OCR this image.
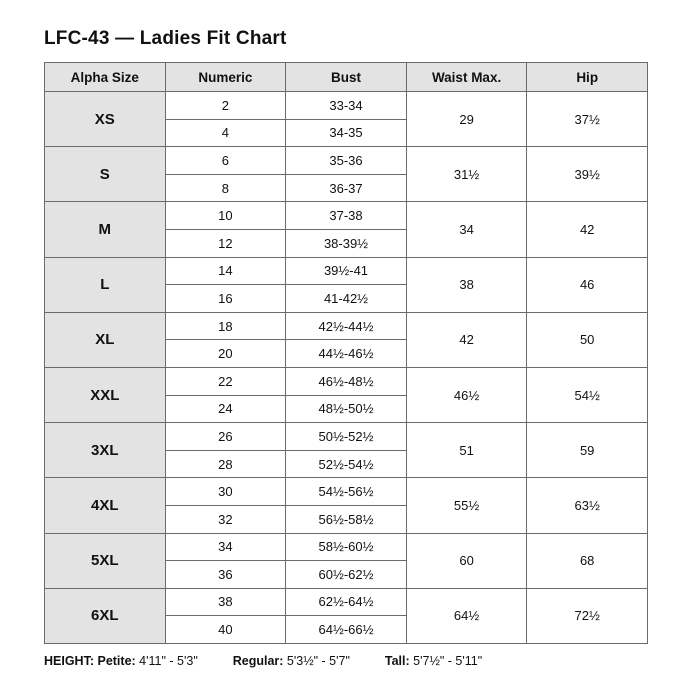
LFC-43 — Ladies Fit Chart
Alpha Size	Numeric	Bust	Waist Max.	Hip
XS	2	33-34	29	37½
	4	34-35		
S	6	35-36	31½	39½
	8	36-37		
M	10	37-38	34	42
	12	38-39½		
L	14	39½-41	38	46
	16	41-42½		
XL	18	42½-44½	42	50
	20	44½-46½		
XXL	22	46½-48½	46½	54½
	24	48½-50½		
3XL	26	50½-52½	51	59
	28	52½-54½		
4XL	30	54½-56½	55½	63½
	32	56½-58½		
5XL	34	58½-60½	60	68
	36	60½-62½		
6XL	38	62½-64½	64½	72½
	40	64½-66½		
HEIGHT: Petite: 4'11" - 5'3"	Regular: 5'3½" - 5'7"	Tall: 5'7½" - 5'11"
